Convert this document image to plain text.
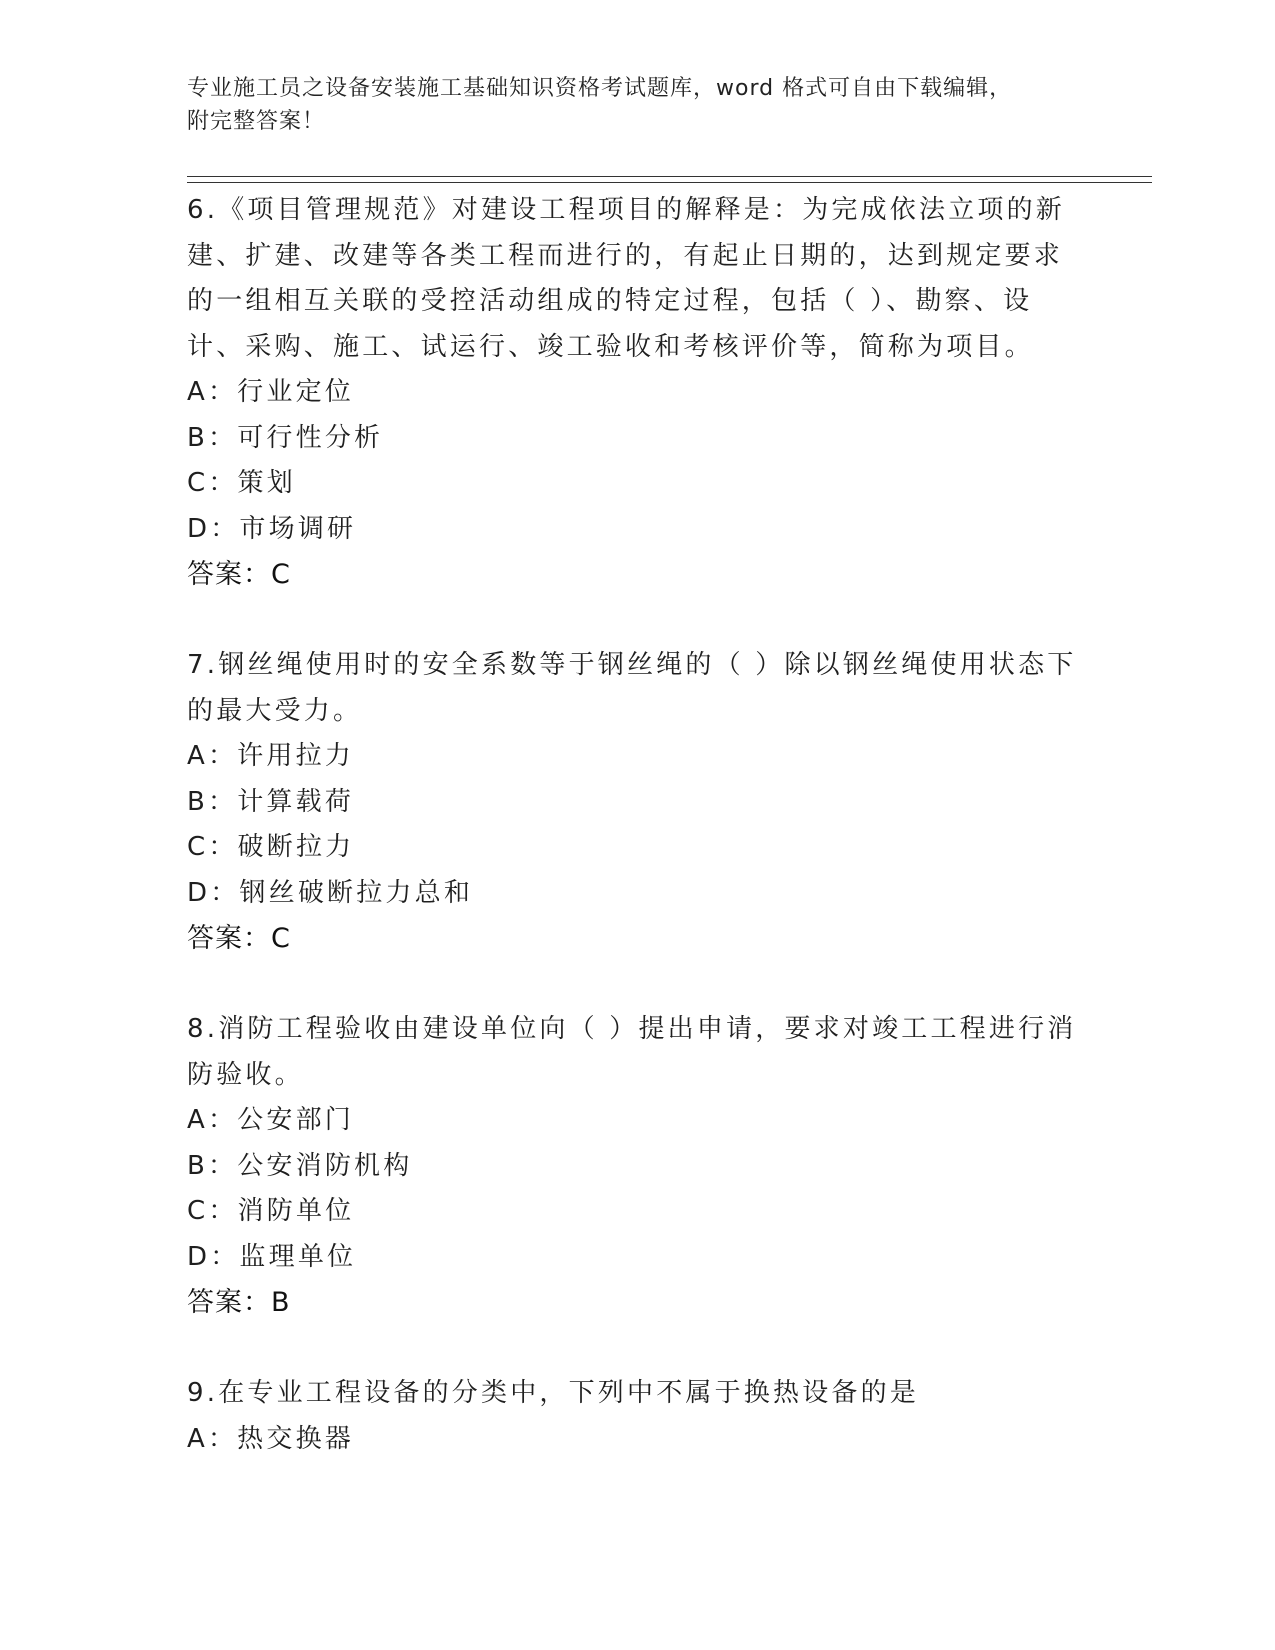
专业施工员之设备安装施工基础知识资格考试题库，word 格式可自由下载编辑，
附完整答案！

6.《项目管理规范》对建设工程项目的解释是：为完成依法立项的新建、扩建、改建等各类工程而进行的，有起止日期的，达到规定要求的一组相互关联的受控活动组成的特定过程，包括（ ）、勘察、设计、采购、施工、试运行、竣工验收和考核评价等，简称为项目。

A：行业定位

B：可行性分析

C：策划

D：市场调研

答案：C

7.钢丝绳使用时的安全系数等于钢丝绳的（ ）除以钢丝绳使用状态下的最大受力。

A：许用拉力

B：计算载荷

C：破断拉力

D：钢丝破断拉力总和

答案：C

8.消防工程验收由建设单位向（ ）提出申请，要求对竣工工程进行消防验收。

A：公安部门

B：公安消防机构

C：消防单位

D：监理单位

答案：B

9.在专业工程设备的分类中，下列中不属于换热设备的是

A：热交换器
